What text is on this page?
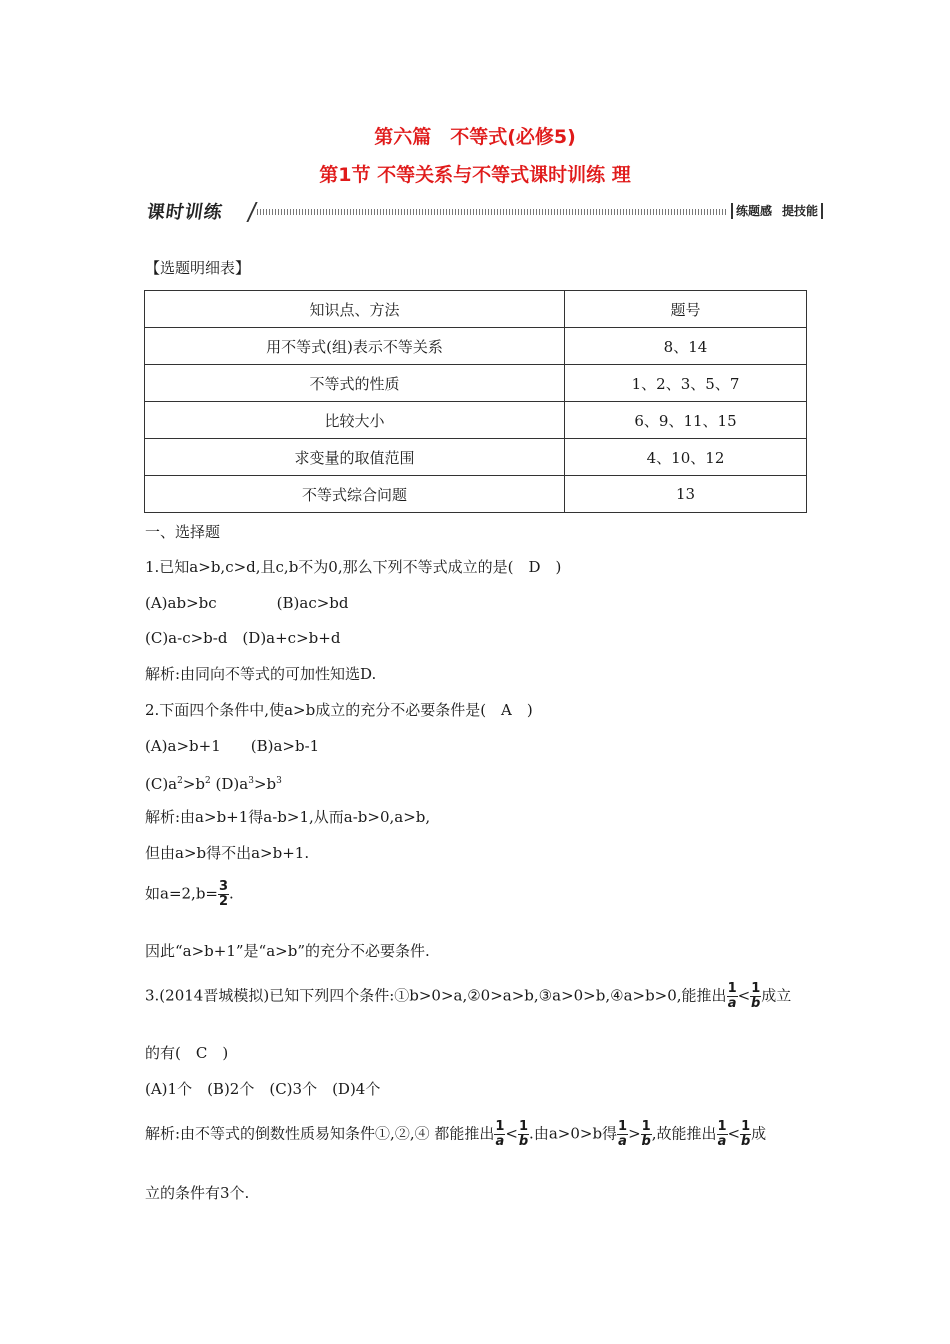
第六篇　不等式(必修5)
第1节 不等关系与不等式课时训练 理
课时训练	练题感 提技能
【选题明细表】
知识点、方法	题号
用不等式(组)表示不等关系	8、14
不等式的性质	1、2、3、5、7
比较大小	6、9、11、15
求变量的取值范围	4、10、12
不等式综合问题	13
一、选择题
1.已知a>b,c>d,且c,b不为0,那么下列不等式成立的是(　D　)
(A)ab>bc　　　　(B)ac>bd
(C)a-c>b-d　(D)a+c>b+d
解析:由同向不等式的可加性知选D.
2.下面四个条件中,使a>b成立的充分不必要条件是(　A　)
(A)a>b+1　　(B)a>b-1
$(C)a^2>b^2$ $(D)a^3>b^3$
解析:由a>b+1得a-b>1,从而a-b>0,a>b,
但由a>b得不出a>b+1.
如$a=2,b= \frac{3}{2}$ .
因此“a>b+1”是“a>b”的充分不必要条件.
3.(2014晋城模拟)已知下列四个条件:①b>0>a,②0>a>b,③a>0>b,④a>b>0,能推出 $\frac{1}{a} < \frac{1}{b}$ 成立
的有(　C　)
(A)1个　(B)2个　(C)3个　(D)4个
解析:由不等式的倒数性质易知条件①,②,④ 都能推出 $\frac{1}{a} < \frac{1}{b}$ .由a>0>b得 $\frac{1}{a} > \frac{1}{b}$ ,故能推出 $\frac{1}{a} < \frac{1}{b}$ 成
立的条件有3个.
